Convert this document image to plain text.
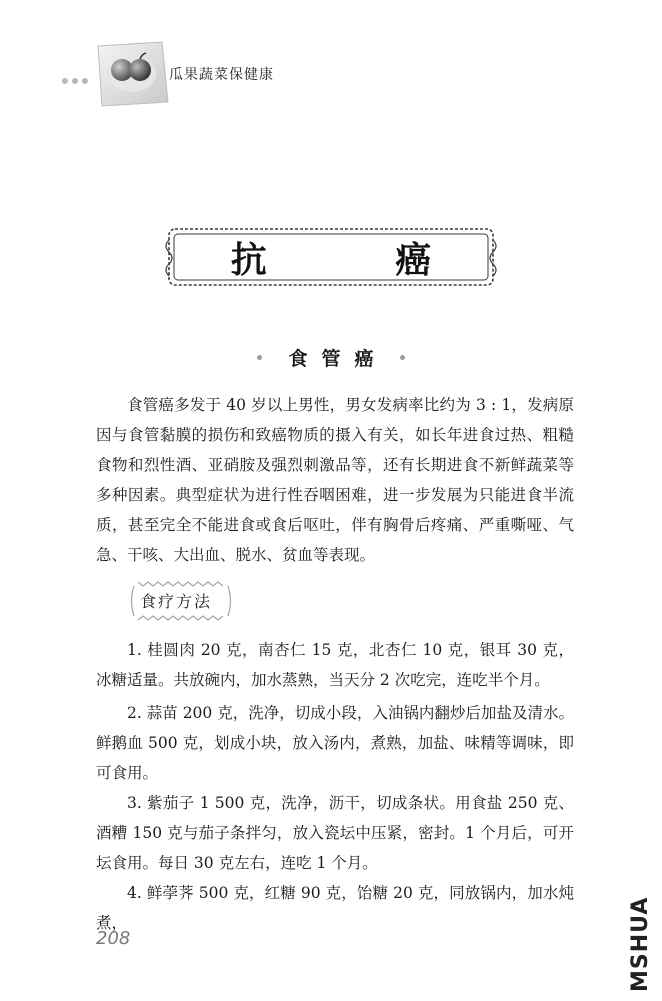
瓜果蔬菜保健康
抗 癌
食管癌

食管癌多发于 40 岁以上男性，男女发病率比约为 3 : 1，发病原因与食管黏膜的损伤和致癌物质的摄入有关，如长年进食过热、粗糙食物和烈性酒、亚硝胺及强烈刺激品等，还有长期进食不新鲜蔬菜等多种因素。典型症状为进行性吞咽困难，进一步发展为只能进食半流质，甚至完全不能进食或食后呕吐，伴有胸骨后疼痛、严重嘶哑、气急、干咳、大出血、脱水、贫血等表现。

食疗方法

1. 桂圆肉 20 克，南杏仁 15 克，北杏仁 10 克，银耳 30 克，冰糖适量。共放碗内，加水蒸熟，当天分 2 次吃完，连吃半个月。

2. 蒜苗 200 克，洗净，切成小段，入油锅内翻炒后加盐及清水。鲜鹅血 500 克，划成小块，放入汤内，煮熟，加盐、味精等调味，即可食用。

3. 紫茄子 1 500 克，洗净，沥干，切成条状。用食盐 250 克、酒糟 150 克与茄子条拌匀，放入瓷坛中压紧，密封。1 个月后，可开坛食用。每日 30 克左右，连吃 1 个月。

4. 鲜荸荠 500 克，红糖 90 克，饴糖 20 克，同放锅内，加水炖煮，

208	MSHUA
